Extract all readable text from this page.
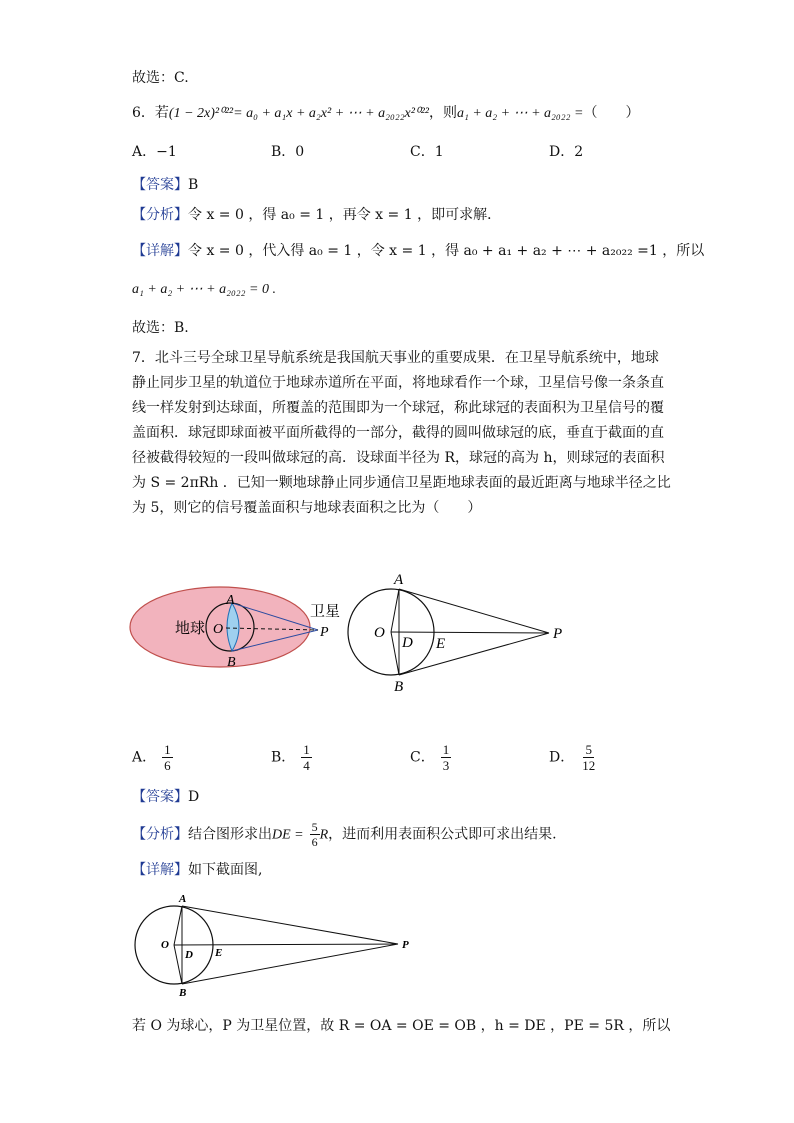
故选：C.
6．若(1 − 2x)²⁰²²= a₀ + a₁x + a₂x² + ⋯ + a₂₀₂₂x²⁰²²，则a₁ + a₂ + ⋯ + a₂₀₂₂ =（　　）
A．−1	B．0	C．1	D．2
【答案】B
【分析】令 x = 0 ，得 a₀ = 1 ，再令 x = 1 ，即可求解．
【详解】令 x = 0 ，代入得 a₀ = 1 ，令 x = 1 ，得 a₀ + a₁ + a₂ + ⋯ + a₂₀₂₂ =1 ，所以
a₁ + a₂ + ⋯ + a₂₀₂₂ = 0 .
故选：B.
7．北斗三号全球卫星导航系统是我国航天事业的重要成果．在卫星导航系统中，地球静止同步卫星的轨道位于地球赤道所在平面，将地球看作一个球，卫星信号像一条条直线一样发射到达球面，所覆盖的范围即为一个球冠，称此球冠的表面积为卫星信号的覆盖面积．球冠即球面被平面所截得的一部分，截得的圆叫做球冠的底，垂直于截面的直径被截得较短的一段叫做球冠的高．设球面半径为 R，球冠的高为 h，则球冠的表面积为 S = 2πRh ．已知一颗地球静止同步通信卫星距地球表面的最近距离与地球半径之比为 5，则它的信号覆盖面积与地球表面积之比为（　　）
地球
卫星
A
B
O	P
A
B
O
D E
P
A． $\frac{1}{6}$	B． $\frac{1}{4}$	C． $\frac{1}{3}$	D． $\frac{5}{12}$
【答案】D
【分析】结合图形求出DE = $\frac{5}{6}$ R，进而利用表面积公式即可求出结果.
【详解】如下截面图,
A
B
O
D E
P
若 O 为球心，P 为卫星位置，故 R = OA = OE = OB ，h = DE ，PE = 5R ，所以
